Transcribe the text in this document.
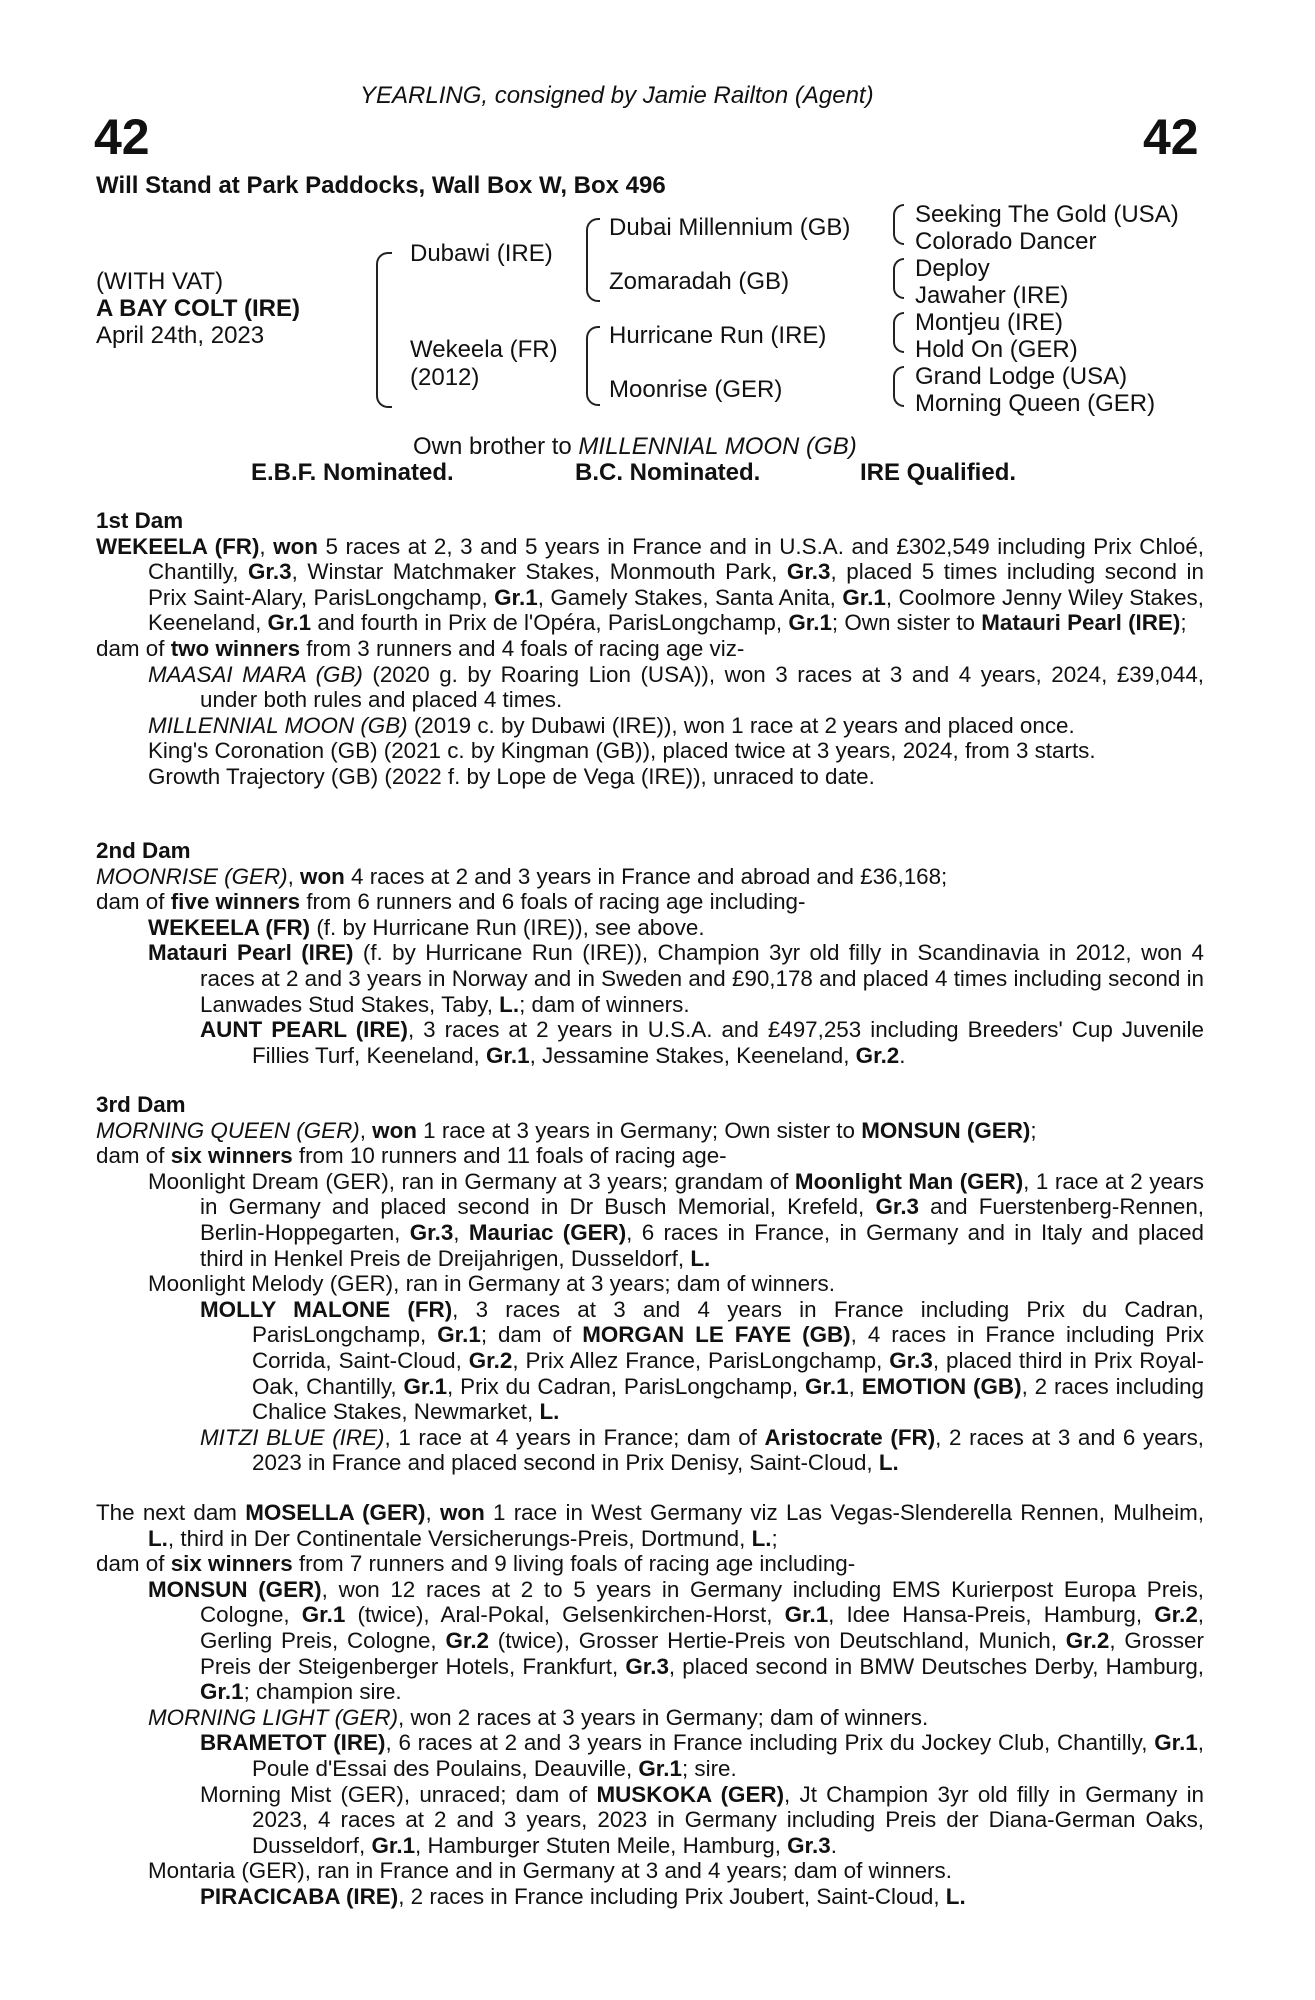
YEARLING, consigned by Jamie Railton (Agent)
42	42
Will Stand at Park Paddocks, Wall Box W, Box 496
(WITH VAT)
A BAY COLT (IRE)
April 24th, 2023
Dubawi (IRE)
Wekeela (FR)
(2012)
Dubai Millennium (GB)
Zomaradah (GB)
Hurricane Run (IRE)
Moonrise (GER)
Seeking The Gold (USA)
Colorado Dancer
Deploy
Jawaher (IRE)
Montjeu (IRE)
Hold On (GER)
Grand Lodge (USA)
Morning Queen (GER)
Own brother to MILLENNIAL MOON (GB)
E.B.F. Nominated.	B.C. Nominated.	IRE Qualified.
1st Dam
WEKEELA (FR), won 5 races at 2, 3 and 5 years in France and in U.S.A. and £302,549 including Prix Chloé, Chantilly, Gr.3, Winstar Matchmaker Stakes, Monmouth Park, Gr.3, placed 5 times including second in Prix Saint-Alary, ParisLongchamp, Gr.1, Gamely Stakes, Santa Anita, Gr.1, Coolmore Jenny Wiley Stakes, Keeneland, Gr.1 and fourth in Prix de l'Opéra, ParisLongchamp, Gr.1; Own sister to Matauri Pearl (IRE);
dam of two winners from 3 runners and 4 foals of racing age viz-
MAASAI MARA (GB) (2020 g. by Roaring Lion (USA)), won 3 races at 3 and 4 years, 2024, £39,044, under both rules and placed 4 times.
MILLENNIAL MOON (GB) (2019 c. by Dubawi (IRE)), won 1 race at 2 years and placed once.
King's Coronation (GB) (2021 c. by Kingman (GB)), placed twice at 3 years, 2024, from 3 starts.
Growth Trajectory (GB) (2022 f. by Lope de Vega (IRE)), unraced to date.
2nd Dam
MOONRISE (GER), won 4 races at 2 and 3 years in France and abroad and £36,168;
dam of five winners from 6 runners and 6 foals of racing age including-
WEKEELA (FR) (f. by Hurricane Run (IRE)), see above.
Matauri Pearl (IRE) (f. by Hurricane Run (IRE)), Champion 3yr old filly in Scandinavia in 2012, won 4 races at 2 and 3 years in Norway and in Sweden and £90,178 and placed 4 times including second in Lanwades Stud Stakes, Taby, L.; dam of winners.
AUNT PEARL (IRE), 3 races at 2 years in U.S.A. and £497,253 including Breeders' Cup Juvenile Fillies Turf, Keeneland, Gr.1, Jessamine Stakes, Keeneland, Gr.2.
3rd Dam
MORNING QUEEN (GER), won 1 race at 3 years in Germany; Own sister to MONSUN (GER);
dam of six winners from 10 runners and 11 foals of racing age-
Moonlight Dream (GER), ran in Germany at 3 years; grandam of Moonlight Man (GER), 1 race at 2 years in Germany and placed second in Dr Busch Memorial, Krefeld, Gr.3 and Fuerstenberg-Rennen, Berlin-Hoppegarten, Gr.3, Mauriac (GER), 6 races in France, in Germany and in Italy and placed third in Henkel Preis de Dreijahrigen, Dusseldorf, L.
Moonlight Melody (GER), ran in Germany at 3 years; dam of winners.
MOLLY MALONE (FR), 3 races at 3 and 4 years in France including Prix du Cadran, ParisLongchamp, Gr.1; dam of MORGAN LE FAYE (GB), 4 races in France including Prix Corrida, Saint-Cloud, Gr.2, Prix Allez France, ParisLongchamp, Gr.3, placed third in Prix Royal-Oak, Chantilly, Gr.1, Prix du Cadran, ParisLongchamp, Gr.1, EMOTION (GB), 2 races including Chalice Stakes, Newmarket, L.
MITZI BLUE (IRE), 1 race at 4 years in France; dam of Aristocrate (FR), 2 races at 3 and 6 years, 2023 in France and placed second in Prix Denisy, Saint-Cloud, L.
The next dam MOSELLA (GER), won 1 race in West Germany viz Las Vegas-Slenderella Rennen, Mulheim, L., third in Der Continentale Versicherungs-Preis, Dortmund, L.;
dam of six winners from 7 runners and 9 living foals of racing age including-
MONSUN (GER), won 12 races at 2 to 5 years in Germany including EMS Kurierpost Europa Preis, Cologne, Gr.1 (twice), Aral-Pokal, Gelsenkirchen-Horst, Gr.1, Idee Hansa-Preis, Hamburg, Gr.2, Gerling Preis, Cologne, Gr.2 (twice), Grosser Hertie-Preis von Deutschland, Munich, Gr.2, Grosser Preis der Steigenberger Hotels, Frankfurt, Gr.3, placed second in BMW Deutsches Derby, Hamburg, Gr.1; champion sire.
MORNING LIGHT (GER), won 2 races at 3 years in Germany; dam of winners.
BRAMETOT (IRE), 6 races at 2 and 3 years in France including Prix du Jockey Club, Chantilly, Gr.1, Poule d'Essai des Poulains, Deauville, Gr.1; sire.
Morning Mist (GER), unraced; dam of MUSKOKA (GER), Jt Champion 3yr old filly in Germany in 2023, 4 races at 2 and 3 years, 2023 in Germany including Preis der Diana-German Oaks, Dusseldorf, Gr.1, Hamburger Stuten Meile, Hamburg, Gr.3.
Montaria (GER), ran in France and in Germany at 3 and 4 years; dam of winners.
PIRACICABA (IRE), 2 races in France including Prix Joubert, Saint-Cloud, L.
